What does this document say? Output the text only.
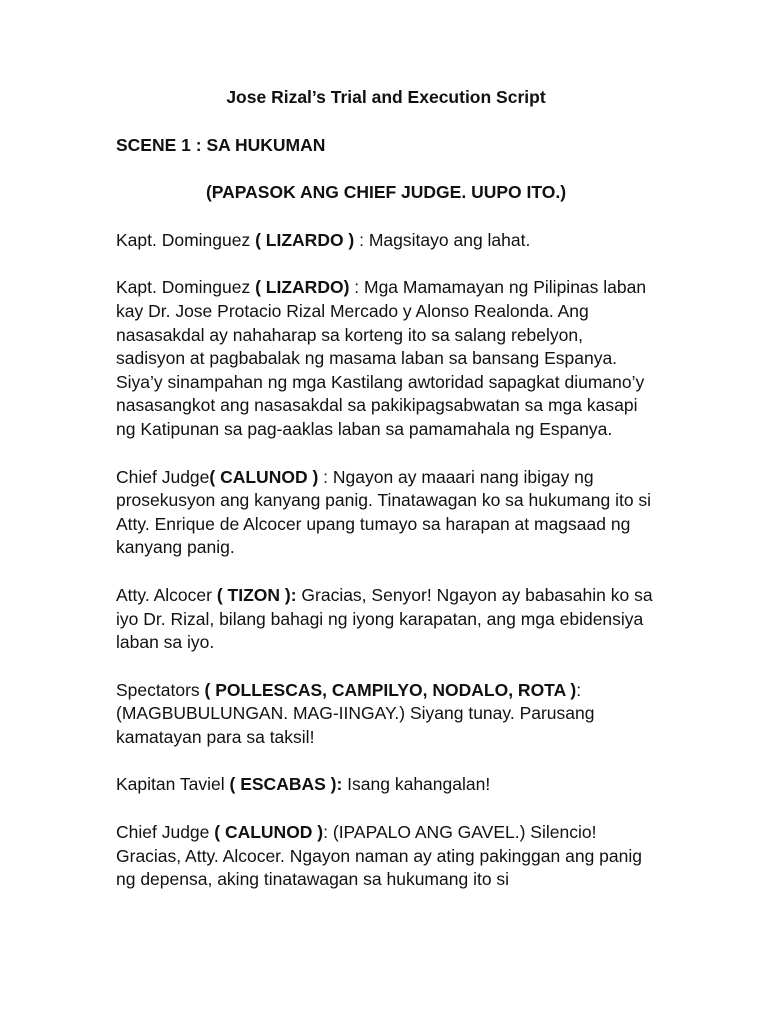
Jose Rizal’s Trial and Execution Script
SCENE 1 : SA HUKUMAN
(PAPASOK ANG CHIEF JUDGE. UUPO ITO.)
Kapt. Dominguez ( LIZARDO ) : Magsitayo ang lahat.
Kapt. Dominguez ( LIZARDO) : Mga Mamamayan ng Pilipinas laban kay Dr. Jose Protacio Rizal Mercado y Alonso Realonda. Ang nasasakdal ay nahaharap sa korteng ito sa salang rebelyon, sadisyon at pagbabalak ng masama laban sa bansang Espanya. Siya’y sinampahan ng mga Kastilang awtoridad sapagkat diumano’y nasasangkot ang nasasakdal sa pakikipagsabwatan sa mga kasapi ng Katipunan sa pag-aaklas laban sa pamamahala ng Espanya.
Chief Judge( CALUNOD ) : Ngayon ay maaari nang ibigay ng prosekusyon ang kanyang panig. Tinatawagan ko sa hukumang ito si Atty. Enrique de Alcocer upang tumayo sa harapan at magsaad ng kanyang panig.
Atty. Alcocer ( TIZON ): Gracias, Senyor! Ngayon ay babasahin ko sa iyo Dr. Rizal, bilang bahagi ng iyong karapatan, ang mga ebidensiya laban sa iyo.
Spectators ( POLLESCAS, CAMPILYO, NODALO, ROTA ): (MAGBUBULUNGAN. MAG-IINGAY.) Siyang tunay. Parusang kamatayan para sa taksil!
Kapitan Taviel ( ESCABAS ): Isang kahangalan!
Chief Judge ( CALUNOD ): (IPAPALO ANG GAVEL.) Silencio! Gracias, Atty. Alcocer. Ngayon naman ay ating pakinggan ang panig ng depensa, aking tinatawagan sa hukumang ito si
